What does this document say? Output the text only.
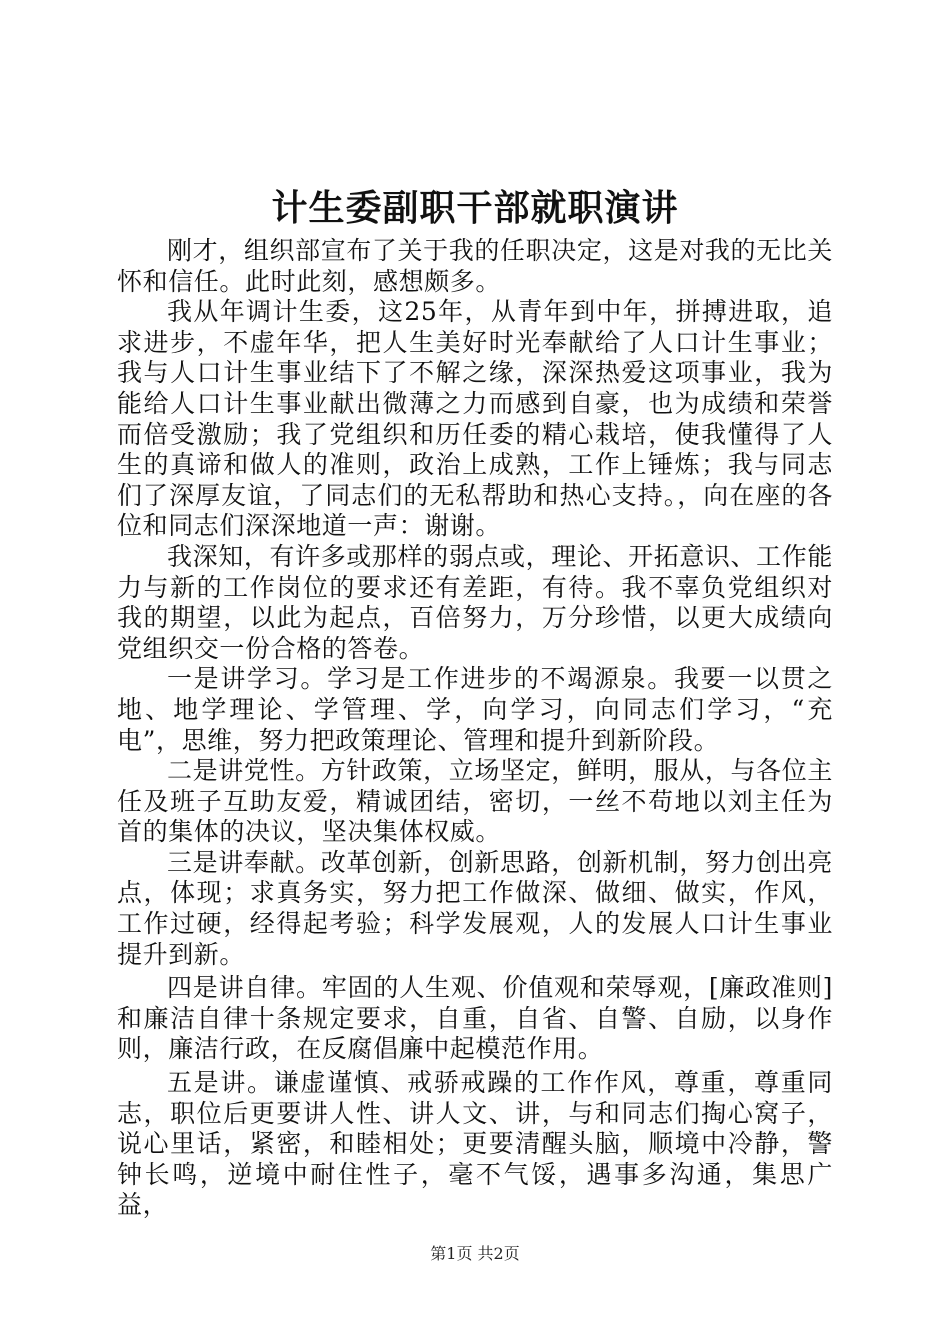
计生委副职干部就职演讲

刚才，组织部宣布了关于我的任职决定，这是对我的无比关怀和信任。此时此刻，感想颇多。

我从年调计生委，这25年，从青年到中年，拼搏进取，追求进步，不虚年华，把人生美好时光奉献给了人口计生事业；我与人口计生事业结下了不解之缘，深深热爱这项事业，我为能给人口计生事业献出微薄之力而感到自豪，也为成绩和荣誉而倍受激励；我了党组织和历任委的精心栽培，使我懂得了人生的真谛和做人的准则，政治上成熟，工作上锤炼；我与同志们了深厚友谊，了同志们的无私帮助和热心支持。，向在座的各位和同志们深深地道一声：谢谢。

我深知，有许多或那样的弱点或，理论、开拓意识、工作能力与新的工作岗位的要求还有差距，有待。我不辜负党组织对我的期望，以此为起点，百倍努力，万分珍惜，以更大成绩向党组织交一份合格的答卷。

一是讲学习。学习是工作进步的不竭源泉。我要一以贯之地、地学理论、学管理、学，向学习，向同志们学习，“充电”，思维，努力把政策理论、管理和提升到新阶段。

二是讲党性。方针政策，立场坚定，鲜明，服从，与各位主任及班子互助友爱，精诚团结，密切，一丝不苟地以刘主任为首的集体的决议，坚决集体权威。

三是讲奉献。改革创新，创新思路，创新机制，努力创出亮点，体现；求真务实，努力把工作做深、做细、做实，作风，工作过硬，经得起考验；科学发展观，人的发展人口计生事业提升到新。

四是讲自律。牢固的人生观、价值观和荣辱观，[廉政准则]和廉洁自律十条规定要求，自重，自省、自警、自励，以身作则，廉洁行政，在反腐倡廉中起模范作用。

五是讲。谦虚谨慎、戒骄戒躁的工作作风，尊重，尊重同志，职位后更要讲人性、讲人文、讲，与和同志们掏心窝子，说心里话，紧密，和睦相处；更要清醒头脑，顺境中冷静，警钟长鸣，逆境中耐住性子，毫不气馁，遇事多沟通，集思广益，

第1页 共2页
